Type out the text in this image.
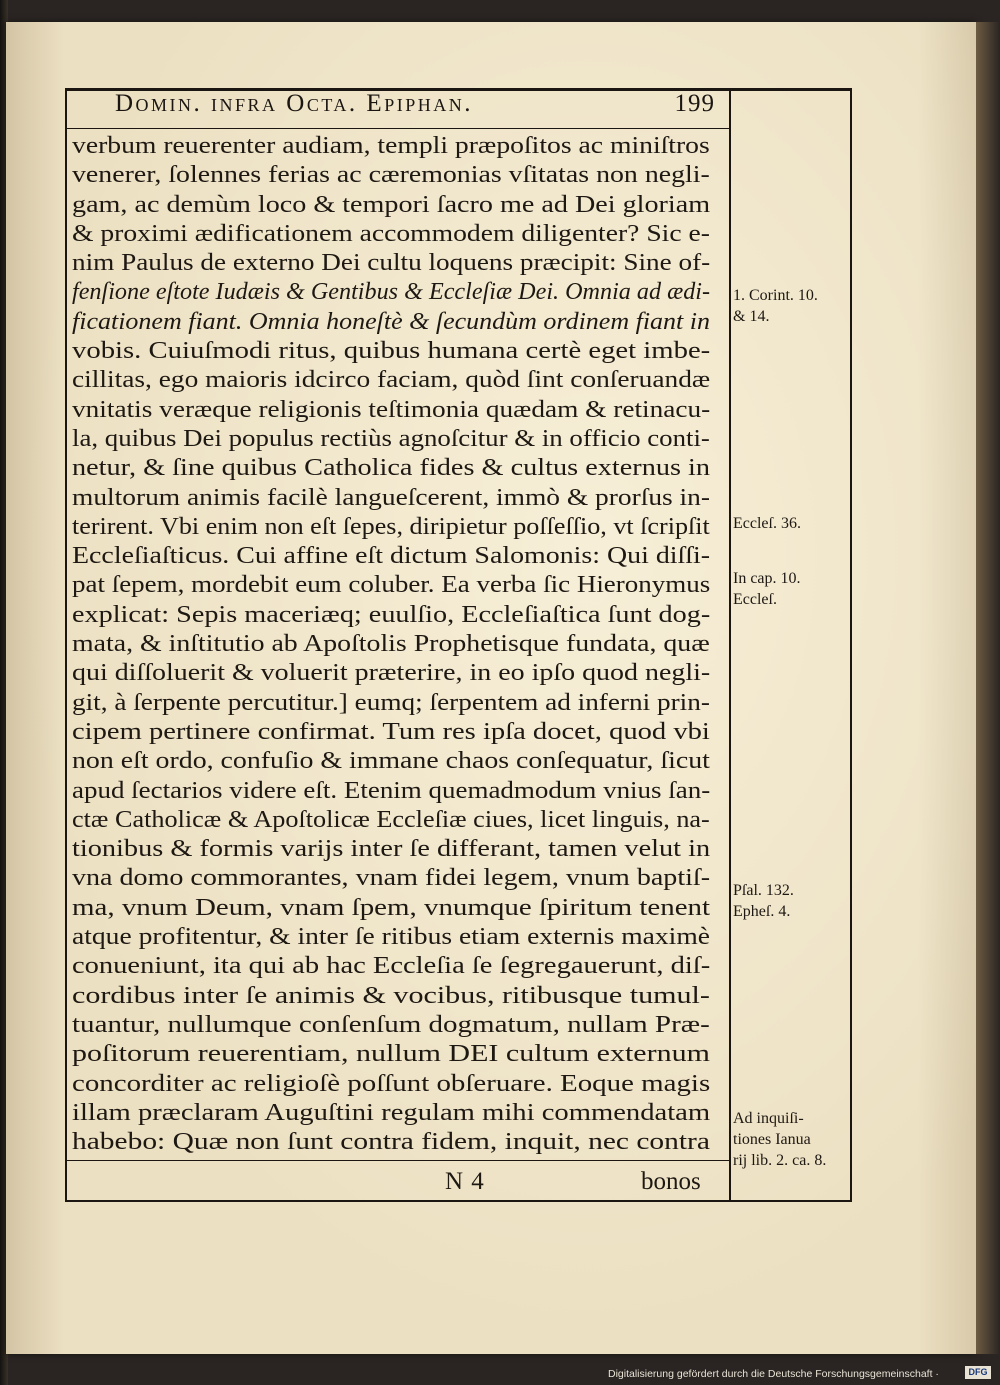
Domin. infra Octa. Epiphan.	199
verbum reuerenter audiam, templi præpoſitos ac miniſtros
venerer, ſolennes ferias ac cæremonias vſitatas non negli-
gam, ac demùm loco & tempori ſacro me ad Dei gloriam
& proximi ædificationem accommodem diligenter? Sic e-
nim Paulus de externo Dei cultu loquens præcipit: Sine of-
fenſione eſtote Iudæis & Gentibus & Eccleſiæ Dei. Omnia ad ædi-
ficationem fiant. Omnia honeſtè & ſecundùm ordinem fiant in
vobis. Cuiuſmodi ritus, quibus humana certè eget imbe-
cillitas, ego maioris idcirco faciam, quòd ſint conſeruandæ
vnitatis veræque religionis teſtimonia quædam & retinacu-
la, quibus Dei populus rectiùs agnoſcitur & in officio conti-
netur, & ſine quibus Catholica fides & cultus externus in
multorum animis facilè langueſcerent, immò & prorſus in-
terirent. Vbi enim non eſt ſepes, diripietur poſſeſſio, vt ſcripſit
Eccleſiaſticus. Cui affine eſt dictum Salomonis: Qui diſſi-
pat ſepem, mordebit eum coluber. Ea verba ſic Hieronymus
explicat: Sepis maceriæq; euulſio, Eccleſiaſtica ſunt dog-
mata, & inſtitutio ab Apoſtolis Prophetisque fundata, quæ
qui diſſoluerit & voluerit præterire, in eo ipſo quod negli-
git, à ſerpente percutitur.] eumq; ſerpentem ad inferni prin-
cipem pertinere confirmat. Tum res ipſa docet, quod vbi
non eſt ordo, confuſio & immane chaos conſequatur, ſicut
apud ſectarios videre eſt. Etenim quemadmodum vnius ſan-
ctæ Catholicæ & Apoſtolicæ Eccleſiæ ciues, licet linguis, na-
tionibus & formis varijs inter ſe differant, tamen velut in
vna domo commorantes, vnam fidei legem, vnum baptiſ-
ma, vnum Deum, vnam ſpem, vnumque ſpiritum tenent
atque profitentur, & inter ſe ritibus etiam externis maximè
conueniunt, ita qui ab hac Eccleſia ſe ſegregauerunt, diſ-
cordibus inter ſe animis & vocibus, ritibusque tumul-
tuantur, nullumque conſenſum dogmatum, nullam Præ-
poſitorum reuerentiam, nullum DEI cultum externum
concorditer ac religioſè poſſunt obſeruare. Eoque magis
illam præclaram Auguſtini regulam mihi commendatam
habebo: Quæ non ſunt contra fidem, inquit, nec contra
1. Corint. 10.
& 14.
Eccleſ. 36.
In cap. 10.
Eccleſ.
Pſal. 132.
Epheſ. 4.
Ad inquiſi-
tiones Ianua
rij lib. 2. ca. 8.
N 4	bonos
Digitalisierung gefördert durch die Deutsche Forschungsgemeinschaft ·	DFG
